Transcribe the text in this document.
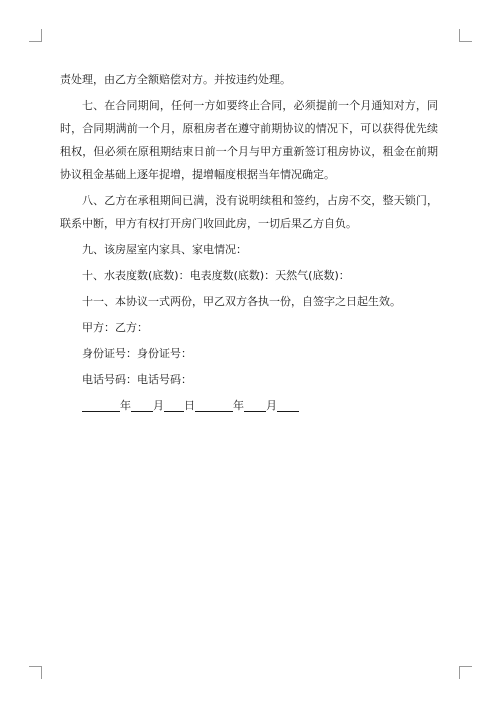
责处理，由乙方全额赔偿对方。并按违约处理。

七、在合同期间，任何一方如要终止合同，必须提前一个月通知对方，同时，合同期满前一个月，原租房者在遵守前期协议的情况下，可以获得优先续租权，但必须在原租期结束日前一个月与甲方重新签订租房协议，租金在前期协议租金基础上逐年捉增，提增幅度根据当年情况确定。

八、乙方在承租期间已满，没有说明续租和签约，占房不交，整天锁门，联系中断，甲方有权打开房门收回此房，一切后果乙方自负。

九、该房屋室内家具、家电情况：

十、水表度数(底数)：电表度数(底数)：天然气(底数)：

十一、本协议一式两份，甲乙双方各执一份，自签字之日起生效。

甲方：乙方：

身份证号：身份证号：

电话号码：电话号码：

年 月 日	年 月
